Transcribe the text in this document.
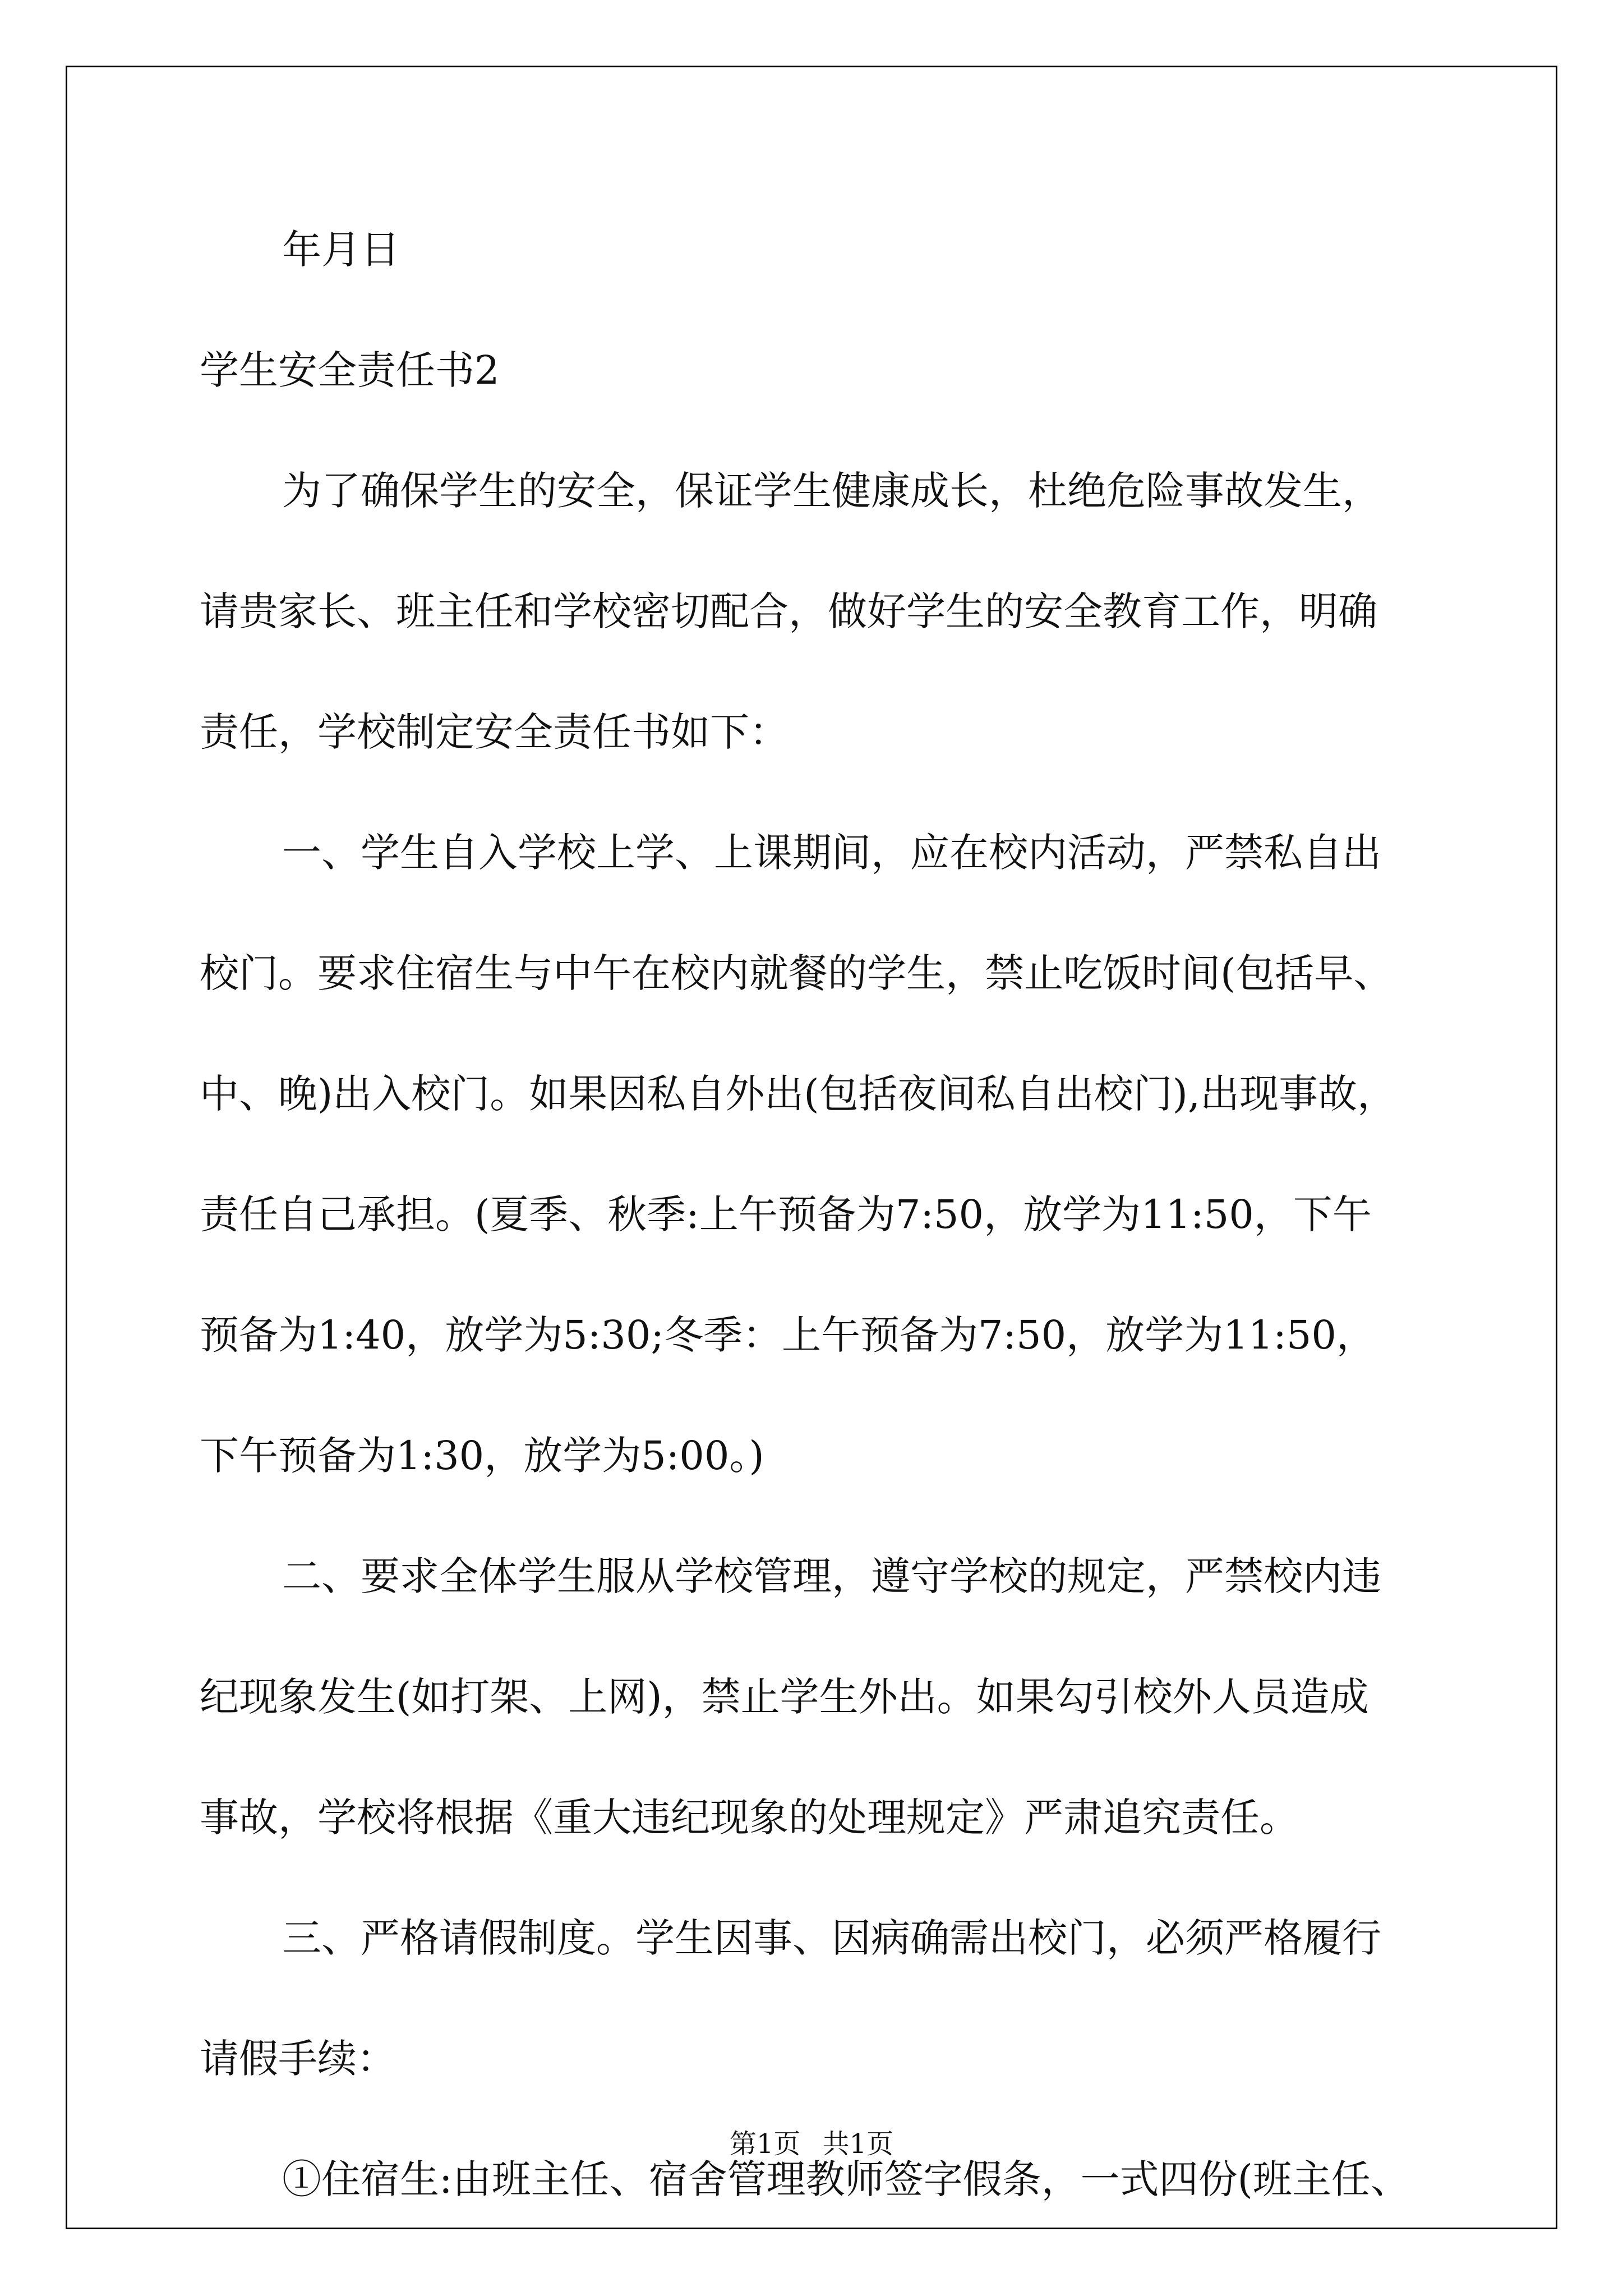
年月日
学生安全责任书2
为了确保学生的安全，保证学生健康成长，杜绝危险事故发生，
请贵家长、班主任和学校密切配合，做好学生的安全教育工作，明确
责任，学校制定安全责任书如下：
一、学生自入学校上学、上课期间，应在校内活动，严禁私自出
校门。要求住宿生与中午在校内就餐的学生，禁止吃饭时间(包括早、
中、晚)出入校门。如果因私自外出(包括夜间私自出校门),出现事故，
责任自己承担。(夏季、秋季:上午预备为7:50，放学为11:50，下午
预备为1:40，放学为5:30;冬季：上午预备为7:50，放学为11:50，
下午预备为1:30，放学为5:00。)
二、要求全体学生服从学校管理，遵守学校的规定，严禁校内违
纪现象发生(如打架、上网)，禁止学生外出。如果勾引校外人员造成
事故，学校将根据《重大违纪现象的处理规定》严肃追究责任。
三、严格请假制度。学生因事、因病确需出校门，必须严格履行
请假手续：
①住宿生:由班主任、宿舍管理教师签字假条，一式四份(班主任、
第1页 共1页
